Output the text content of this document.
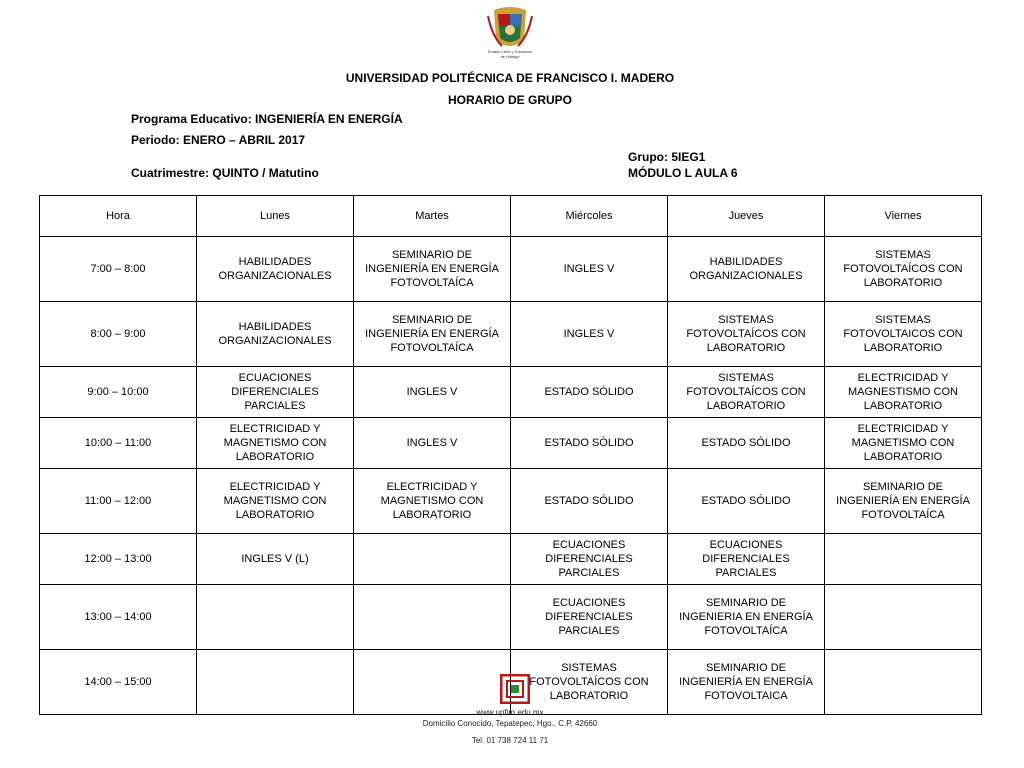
Estado Libre y Soberano
de Hidalgo
UNIVERSIDAD POLITÉCNICA DE FRANCISCO I. MADERO
HORARIO DE GRUPO
Programa Educativo: INGENIERÍA EN ENERGÍA
Periodo: ENERO – ABRIL 2017
Grupo: 5IEG1
Cuatrimestre: QUINTO / Matutino	MÓDULO L AULA 6
Hora	Lunes	Martes	Miércoles	Jueves	Viernes
7:00 – 8:00	HABILIDADES ORGANIZACIONALES	SEMINARIO DE INGENIERÍA EN ENERGÍA FOTOVOLTAÍCA	INGLES V	HABILIDADES ORGANIZACIONALES	SISTEMAS FOTOVOLTAÍCOS CON LABORATORIO
8:00 – 9:00	HABILIDADES ORGANIZACIONALES	SEMINARIO DE INGENIERÍA EN ENERGÍA FOTOVOLTAÍCA	INGLES V	SISTEMAS FOTOVOLTAÍCOS CON LABORATORIO	SISTEMAS FOTOVOLTAICOS CON LABORATORIO
9:00 – 10:00	ECUACIONES DIFERENCIALES PARCIALES	INGLES V	ESTADO SÓLIDO	SISTEMAS FOTOVOLTAÍCOS CON LABORATORIO	ELECTRICIDAD Y MAGNESTISMO CON LABORATORIO
10:00 – 11:00	ELECTRICIDAD Y MAGNETISMO CON LABORATORIO	INGLES V	ESTADO SÓLIDO	ESTADO SÓLIDO	ELECTRICIDAD Y MAGNETISMO CON LABORATORIO
11:00 – 12:00	ELECTRICIDAD Y MAGNETISMO CON LABORATORIO	ELECTRICIDAD Y MAGNETISMO CON LABORATORIO	ESTADO SÓLIDO	ESTADO SÓLIDO	SEMINARIO DE INGENIERÍA EN ENERGÍA FOTOVOLTAÍCA
12:00 – 13:00	INGLES V (L)		ECUACIONES DIFERENCIALES PARCIALES	ECUACIONES DIFERENCIALES PARCIALES	
13:00 – 14:00			ECUACIONES DIFERENCIALES PARCIALES	SEMINARIO DE INGENIERIA EN ENERGÍA FOTOVOLTAÍCA	
14:00 – 15:00			SISTEMAS FOTOVOLTAÍCOS CON LABORATORIO	SEMINARIO DE INGENIERÍA EN ENERGÍA FOTOVOLTAICA	
www.upfim.edu.mx
Domicilio Conocido, Tepatepec, Hgo., C.P. 42660
Tel. 01 738 724 11 71
